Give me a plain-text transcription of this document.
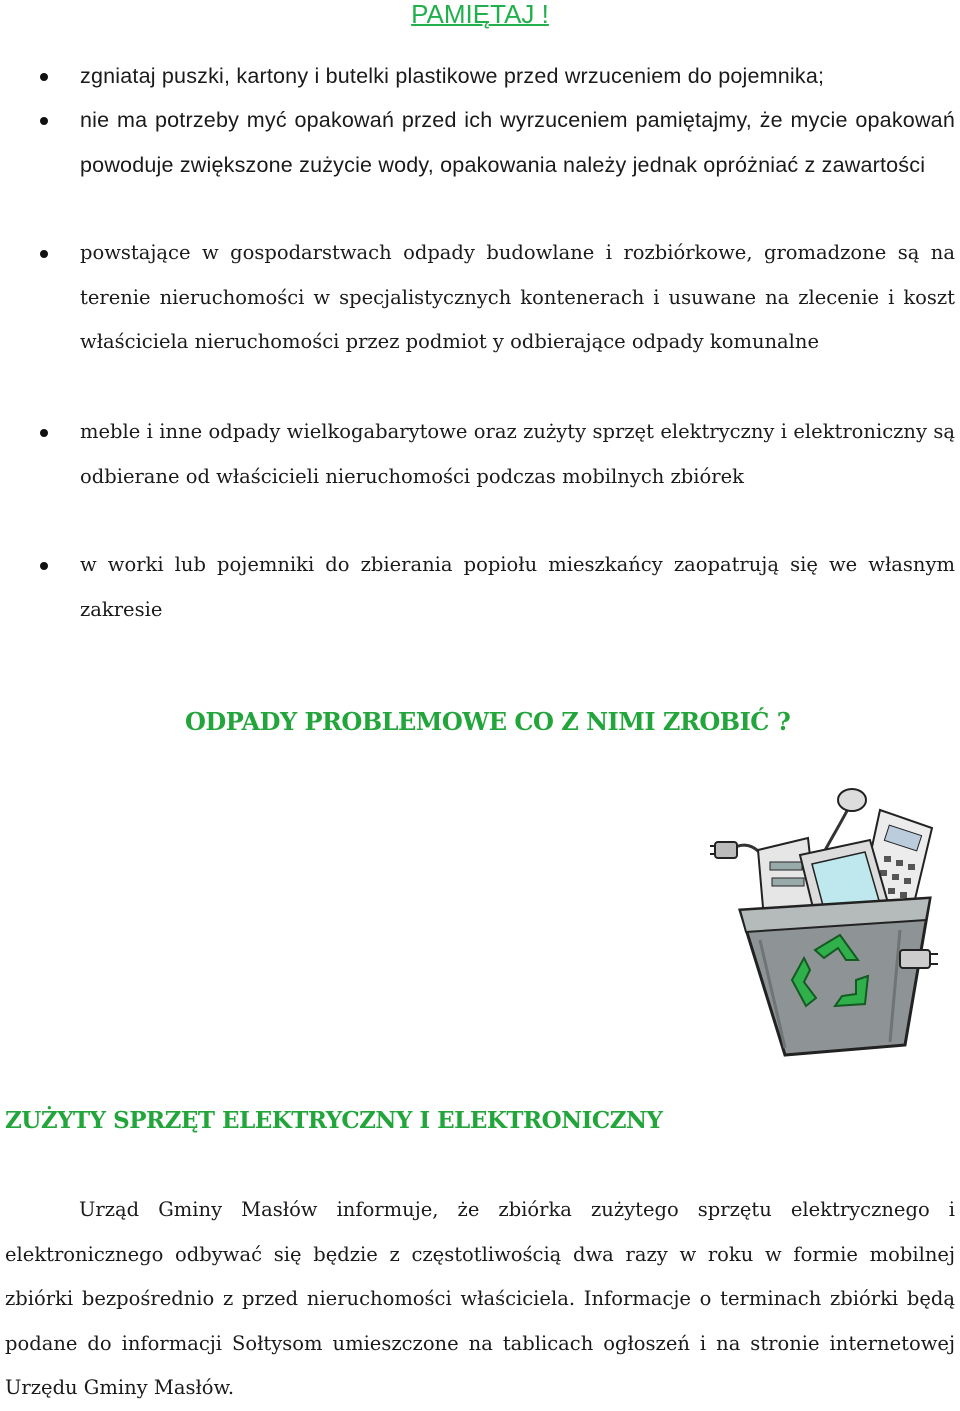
PAMIĘTAJ !
zgniataj puszki, kartony i butelki plastikowe przed wrzuceniem do pojemnika;
nie ma potrzeby myć opakowań przed ich wyrzuceniem pamiętajmy, że mycie opakowań powoduje zwiększone zużycie wody, opakowania należy jednak opróżniać z zawartości
powstające w gospodarstwach odpady budowlane i rozbiórkowe, gromadzone są na terenie nieruchomości w specjalistycznych kontenerach i usuwane na zlecenie i koszt właściciela nieruchomości przez podmiot y odbierające odpady komunalne
meble i inne odpady wielkogabarytowe oraz zużyty sprzęt elektryczny i elektroniczny są odbierane od właścicieli nieruchomości podczas mobilnych zbiórek
w worki lub pojemniki do zbierania popiołu mieszkańcy zaopatrują się we własnym zakresie
ODPADY PROBLEMOWE CO Z NIMI ZROBIĆ ?
ZUŻYTY SPRZĘT ELEKTRYCZNY I ELEKTRONICZNY

Urząd Gminy Masłów informuje, że zbiórka zużytego sprzętu elektrycznego i elektronicznego odbywać się będzie z częstotliwością dwa razy w roku w formie mobilnej zbiórki bezpośrednio z przed nieruchomości właściciela. Informacje o terminach zbiórki będą podane do informacji Sołtysom umieszczone na tablicach ogłoszeń i na stronie internetowej Urzędu Gminy Masłów.
